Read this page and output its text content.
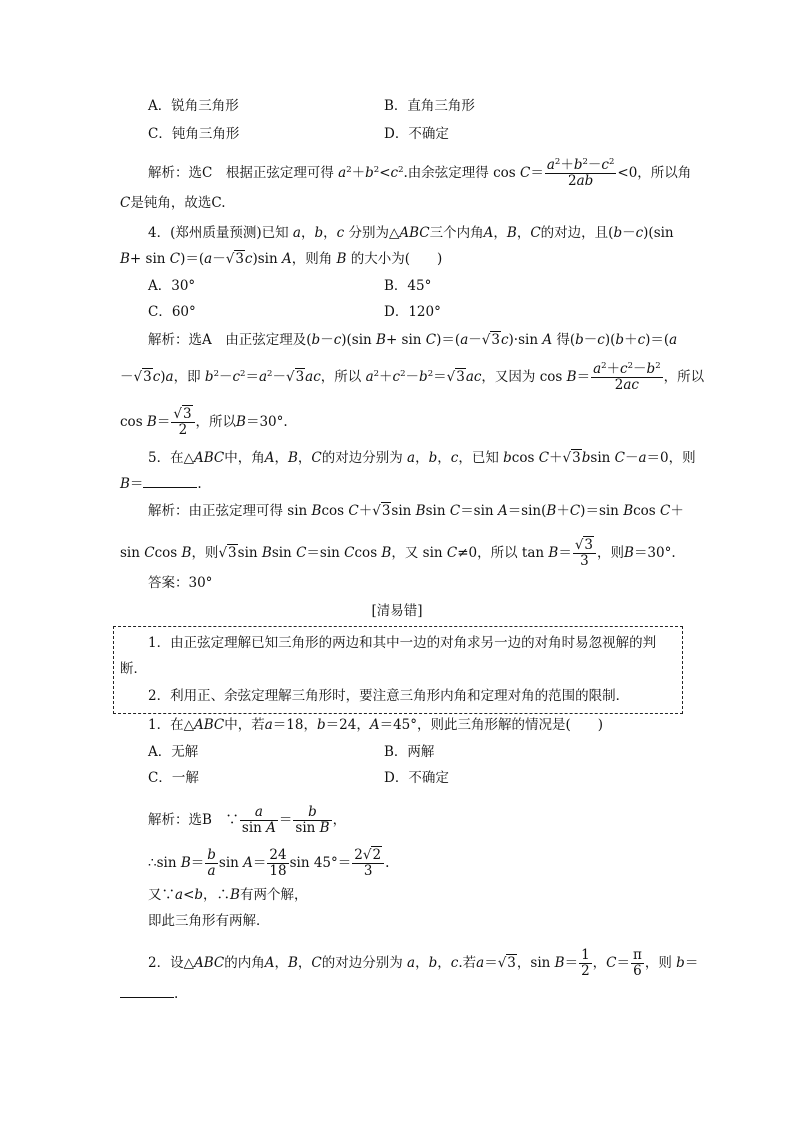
A．锐角三角形	B．直角三角形
C．钝角三角形	D．不确定
解析：选C　根据正弦定理可得 $a^2+b^2<c^2$.由余弦定理得 $\cos C= \frac{a^2+b^2-c^2}{2ab} <0$，所以角
C是钝角，故选C.
4．(郑州质量预测)已知 a，b，c 分别为△ABC三个内角A，B，C的对边，且(b－c)(sin
B+ sin C)＝(a－√3c)sin A，则角 B 的大小为(　　)
A．30°	B．45°
C．60°	D．120°
解析：选A　由正弦定理及(b－c)(sin B+ sin C)＝(a－√3c)·sin A 得(b－c)(b＋c)＝(a
－√3c)a，即 $b^2-c^2=a^2-√3ac$，所以 $a^2+c^2-b^2=√3ac$，又因为 $\cos B= \frac{a^2+c^2-b^2}{2ac}$ ，所以
$\cos B= \frac{√3}{2}$ ，所以B＝30°.
5．在△ABC中，角A，B，C的对边分别为 a，b，c，已知 bcos C＋√3bsin C－a＝0，则
B＝	.
解析：由正弦定理可得 sin Bcos C＋√3sin Bsin C＝sin A＝sin(B＋C)＝sin Bcos C＋
sin Ccos B，则√3sin Bsin C＝sin Ccos B，又 sin C≠0，所以 $\tan B= \frac{√3}{3}$ ，则B＝30°.
答案：30°
[清易错]
1．由正弦定理解已知三角形的两边和其中一边的对角求另一边的对角时易忽视解的判
断．
2．利用正、余弦定理解三角形时，要注意三角形内角和定理对角的范围的限制．
1．在△ABC中，若a＝18，b＝24，A＝45°，则此三角形解的情况是(　　)
A．无解	B．两解
C．一解	D．不确定
解析：选B　∵ $\frac{a}{\text{sin A}} = \frac{b}{\text{sin B}}$ ，
∴sin $B= \frac{b}{a}$ $\sin A= \frac{24}{18}$ $\sin 45^\circ= \frac{2√2}{3}$ .
又∵a<b，∴B有两个解，
即此三角形有两解．
2．设△ABC的内角A，B，C的对边分别为 a，b，c.若a＝√3，$\sin B= \frac{1}{2}$ ，$C= \frac{\pi}{6}$ ，则 b＝
.
